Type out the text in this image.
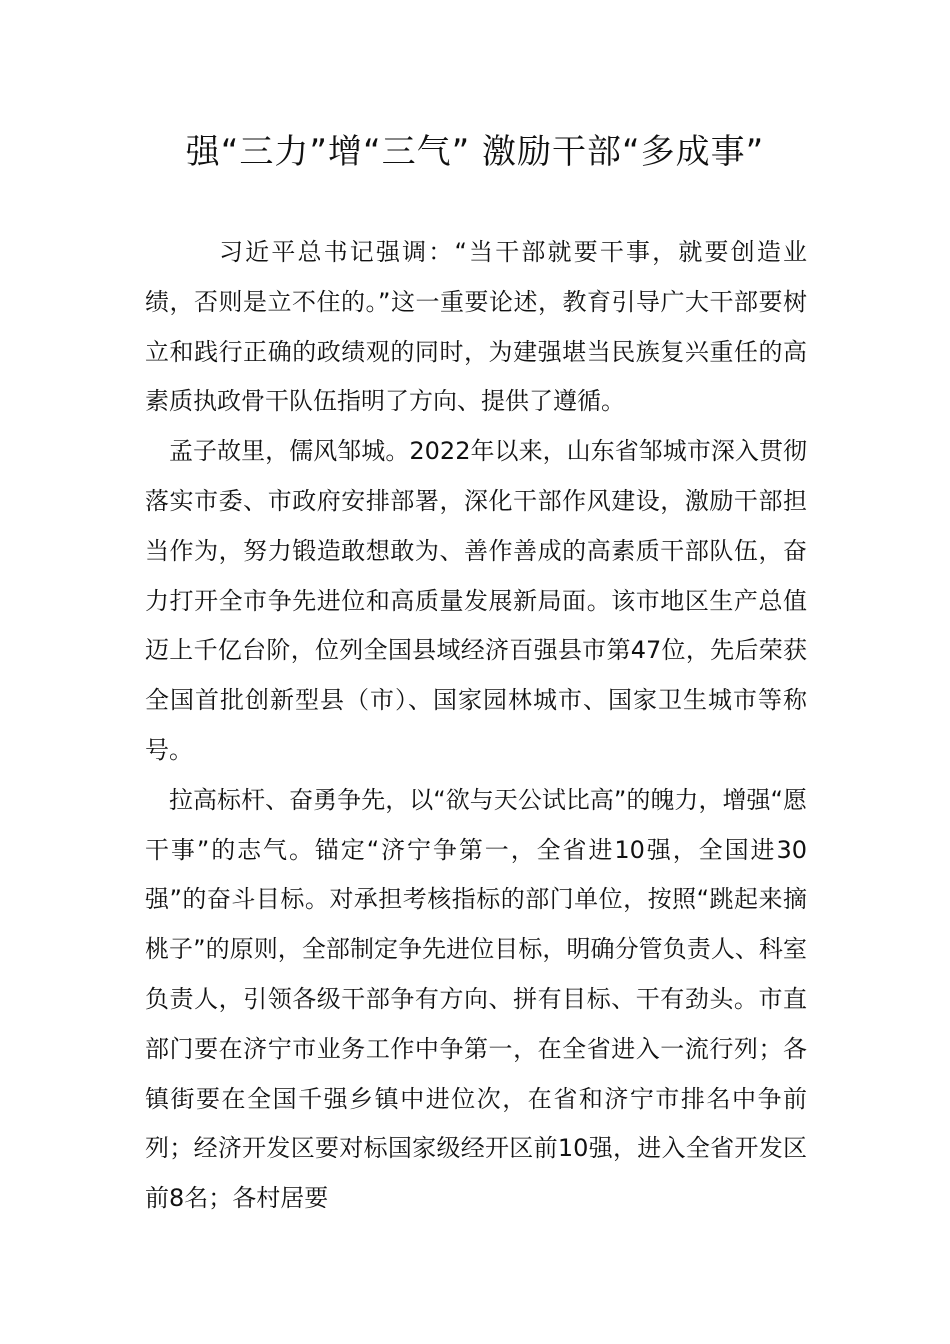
强“三力”增“三气” 激励干部“多成事”

习近平总书记强调：“当干部就要干事，就要创造业绩，否则是立不住的。”这一重要论述，教育引导广大干部要树立和践行正确的政绩观的同时，为建强堪当民族复兴重任的高素质执政骨干队伍指明了方向、提供了遵循。

孟子故里，儒风邹城。2022年以来，山东省邹城市深入贯彻落实市委、市政府安排部署，深化干部作风建设，激励干部担当作为，努力锻造敢想敢为、善作善成的高素质干部队伍，奋力打开全市争先进位和高质量发展新局面。该市地区生产总值迈上千亿台阶，位列全国县域经济百强县市第47位，先后荣获全国首批创新型县（市）、国家园林城市、国家卫生城市等称号。

拉高标杆、奋勇争先，以“欲与天公试比高”的魄力，增强“愿干事”的志气。锚定“济宁争第一，全省进10强，全国进30强”的奋斗目标。对承担考核指标的部门单位，按照“跳起来摘桃子”的原则，全部制定争先进位目标，明确分管负责人、科室负责人，引领各级干部争有方向、拼有目标、干有劲头。市直部门要在济宁市业务工作中争第一，在全省进入一流行列；各镇街要在全国千强乡镇中进位次，在省和济宁市排名中争前列；经济开发区要对标国家级经开区前10强，进入全省开发区前8名；各村居要
